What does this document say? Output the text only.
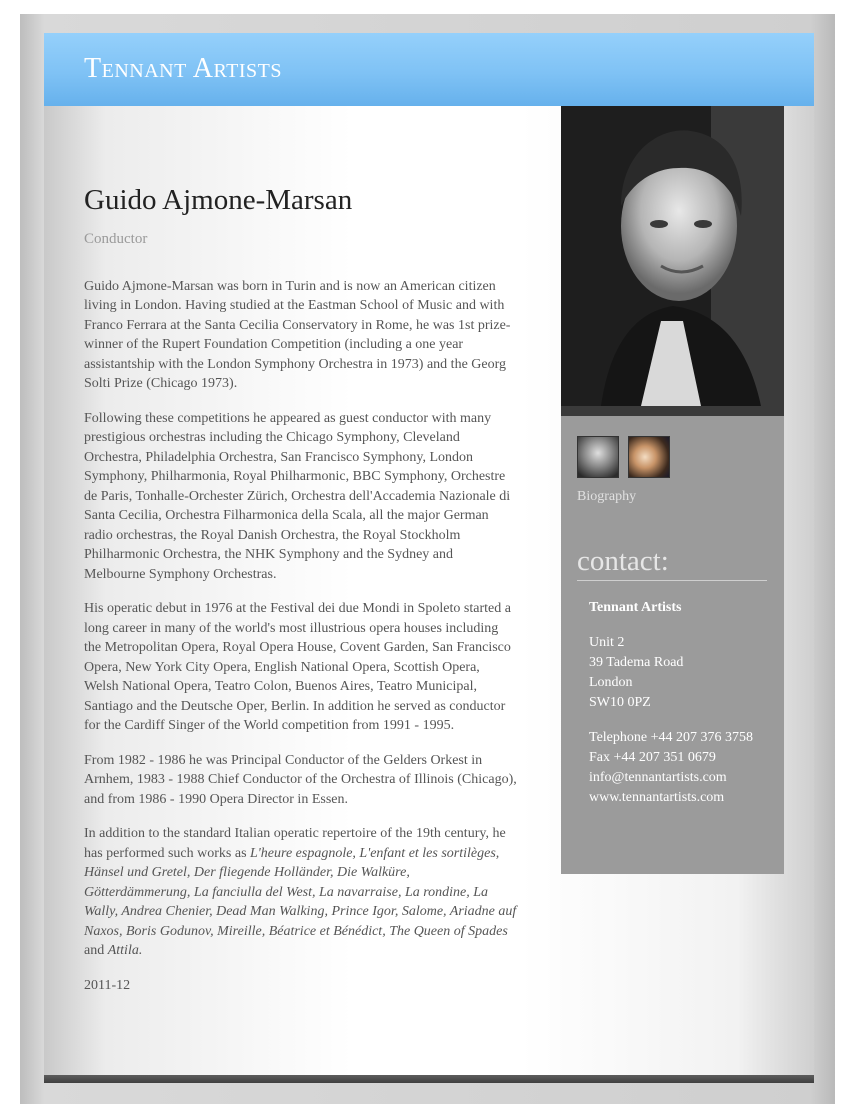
Tennant Artists
Guido Ajmone-Marsan
Conductor

Guido Ajmone-Marsan was born in Turin and is now an American citizen living in London. Having studied at the Eastman School of Music and with Franco Ferrara at the Santa Cecilia Conservatory in Rome, he was 1st prize-winner of the Rupert Foundation Competition (including a one year assistantship with the London Symphony Orchestra in 1973) and the Georg Solti Prize (Chicago 1973).

Following these competitions he appeared as guest conductor with many prestigious orchestras including the Chicago Symphony, Cleveland Orchestra, Philadelphia Orchestra, San Francisco Symphony, London Symphony, Philharmonia, Royal Philharmonic, BBC Symphony, Orchestre de Paris, Tonhalle-Orchester Zürich, Orchestra dell'Accademia Nazionale di Santa Cecilia, Orchestra Filharmonica della Scala, all the major German radio orchestras, the Royal Danish Orchestra, the Royal Stockholm Philharmonic Orchestra, the NHK Symphony and the Sydney and Melbourne Symphony Orchestras.

His operatic debut in 1976 at the Festival dei due Mondi in Spoleto started a long career in many of the world's most illustrious opera houses including the Metropolitan Opera, Royal Opera House, Covent Garden, San Francisco Opera, New York City Opera, English National Opera, Scottish Opera, Welsh National Opera, Teatro Colon, Buenos Aires, Teatro Municipal, Santiago and the Deutsche Oper, Berlin. In addition he served as conductor for the Cardiff Singer of the World competition from 1991 - 1995.

From 1982 - 1986 he was Principal Conductor of the Gelders Orkest in Arnhem, 1983 - 1988 Chief Conductor of the Orchestra of Illinois (Chicago), and from 1986 - 1990 Opera Director in Essen.

In addition to the standard Italian operatic repertoire of the 19th century, he has performed such works as L'heure espagnole, L'enfant et les sortilèges, Hänsel und Gretel, Der fliegende Holländer, Die Walküre, Götterdämmerung, La fanciulla del West, La navarraise, La rondine, La Wally, Andrea Chenier, Dead Man Walking, Prince Igor, Salome, Ariadne auf Naxos, Boris Godunov, Mireille, Béatrice et Bénédict, The Queen of Spades and Attila.

2011-12

Biography
contact:
Tennant Artists
Unit 2
39 Tadema Road
London
SW10 0PZ
Telephone +44 207 376 3758
Fax +44 207 351 0679
info@tennantartists.com
www.tennantartists.com
